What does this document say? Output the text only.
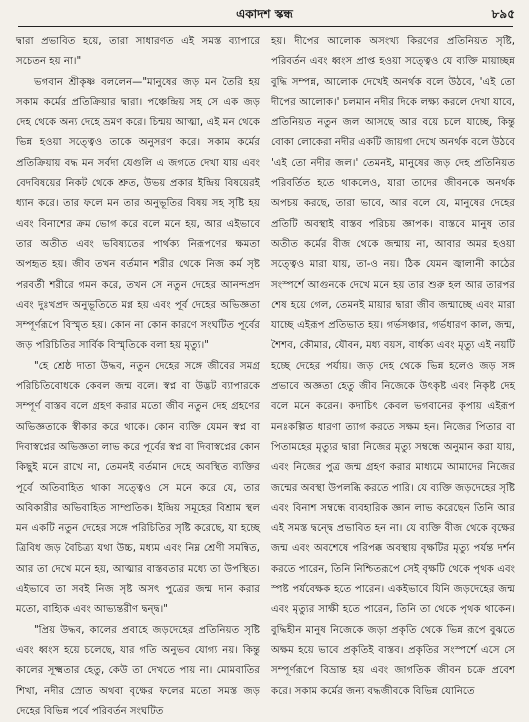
একাদশ স্কন্ধ	৮৯৫

দ্বারা প্রভাবিত হয়ে, তারা সাধারণত এই সমস্ত ব্যাপারে সচেতন হয় না।"

ভগবান শ্রীকৃষ্ণ বললেন—"মানুষের জড় মন তৈরি হয় সকাম কর্মের প্রতিক্রিয়ার দ্বারা। পঞ্চেন্দ্রিয় সহ সে এক জড় দেহ থেকে অন্য দেহে ভ্রমণ করে। চিন্ময় আত্মা, এই মন থেকে ভিন্ন হওয়া সত্ত্বেও তাকে অনুসরণ করে। সকাম কর্মের প্রতিক্রিয়ায় বদ্ধ মন সর্বদা যেগুলি এ জগতে দেখা যায় এবং বেদবিষয়ের নিকট থেকে শ্রুত, উভয় প্রকার ইন্দ্রিয় বিষয়েরই ধ্যান করে। তার ফলে মন তার অনুভূতির বিষয় সহ সৃষ্টি হয় এবং বিনাশের ক্রম ভোগ করে বলে মনে হয়, আর এইভাবে তার অতীত এবং ভবিষ্যতের পার্থক্য নিরূপণের ক্ষমতা অপহৃত হয়। জীব তখন বর্তমান শরীর থেকে নিজ কর্ম সৃষ্ট পরবর্তী শরীরে গমন করে, তখন সে নতুন দেহের আনন্দপ্রদ এবং দুঃখপ্রদ অনুভূতিতে মগ্ন হয় এবং পূর্ব দেহের অভিজ্ঞতা সম্পূর্ণরূপে বিস্মৃত হয়। কোন না কোন কারণে সংঘটিত পূর্বের জড় পরিচিতির সার্বিক বিস্মৃতিকে বলা হয় মৃত্যু।"

"হে শ্রেষ্ঠ দাতা উদ্ধব, নতুন দেহের সঙ্গে জীবের সমগ্র পরিচিতিবোধকে কেবল জন্ম বলে। স্বপ্ন বা উদ্ভট ব্যাপারকে সম্পূর্ণ বাস্তব বলে গ্রহণ করার মতো জীব নতুন দেহ গ্রহণের অভিজ্ঞতাকে স্বীকার করে থাকে। কোন ব্যক্তি যেমন স্বপ্ন বা দিবাস্বপ্নের অভিজ্ঞতা লাভ করে পূর্বের স্বপ্ন বা দিবাস্বপ্নের কোন কিছুই মনে রাখে না, তেমনই বর্তমান দেহে অবস্থিত ব্যক্তির পূর্বে অতিবাহিত থাকা সত্ত্বেও সে মনে করে যে, তার অবিকারীর অভিবাহিত সাম্প্রতিক। ইন্দ্রিয় সমূহের বিশ্রাম স্থল মন একটি নতুন দেহের সঙ্গে পরিচিতির সৃষ্টি করেছে, যা হচ্ছে ত্রিবিধ জড় বৈচিত্র্য যথা উচ্চ, মধ্যম এবং নিম্ন শ্রেণী সমন্বিত, আর তা দেখে মনে হয়, আত্মার বাস্তবতার মধ্যে তা উপস্থিত। এইভাবে তা সবই নিজ সৃষ্ট অসৎ পুত্রের জন্ম দান করার মতো, বাহ্যিক এবং আভ্যন্তরীণ দ্বন্দ্ব।"

"প্রিয় উদ্ধব, কালের প্রবাহে জড়দেহের প্রতিনিয়ত সৃষ্টি এবং ধ্বংস হয়ে চলেছে, যার গতি অনুভব যোগ্য নয়। কিন্তু কালের সূক্ষ্মতার হেতু, কেউ তা দেখতে পায় না। মোমবাতির শিখা, নদীর স্রোত অথবা বৃক্ষের ফলের মতো সমস্ত জড় দেহের বিভিন্ন পর্বে পরিবর্তন সংঘটিত

হয়। দীপের আলোক অসংখ্য কিরণের প্রতিনিয়ত সৃষ্টি, পরিবর্তন এবং ধ্বংস প্রাপ্ত হওয়া সত্ত্বেও যে ব্যক্তি মায়াচ্ছন্ন বুদ্ধি সম্পন্ন, আলোক দেখেই অনর্থক বলে উঠবে, 'এই তো দীপের আলোক।' চলমান নদীর দিকে লক্ষ্য করলে দেখা যাবে, প্রতিনিয়ত নতুন জল আসছে আর বয়ে চলে যাচ্ছে, কিন্তু বোকা লোকেরা নদীর একটি জায়গা দেখে অনর্থক বলে উঠবে 'এই তো নদীর জল।' তেমনই, মানুষের জড় দেহ প্রতিনিয়ত পরিবর্তিত হতে থাকলেও, যারা তাদের জীবনকে অনর্থক অপচয় করছে, তারা ভাবে, আর বলে যে, মানুষের দেহের প্রতিটি অবস্থাই বাস্তব পরিচয় জ্ঞাপক। বাস্তবে মানুষ তার অতীত কর্মের বীজ থেকে জন্মায় না, আবার অমর হওয়া সত্ত্বেও মারা যায়, তা-ও নয়। ঠিক যেমন জ্বালানী কাঠের সংস্পর্শে আগুনকে দেখে মনে হয় তার শুরু হল আর তারপর শেষ হয়ে গেল, তেমনই মায়ার দ্বারা জীব জন্মাচ্ছে এবং মারা যাচ্ছে এইরূপ প্রতিভাত হয়। গর্ভসঞ্চার, গর্ভধারণ কাল, জন্ম, শৈশব, কৌমার, যৌবন, মধ্য বয়স, বার্ধক্য এবং মৃত্যু এই নয়টি হচ্ছে দেহের পর্যায়। জড় দেহ থেকে ভিন্ন হলেও জড় সঙ্গ প্রভাবে অজ্ঞতা হেতু জীব নিজেকে উৎকৃষ্ট এবং নিকৃষ্ট দেহ বলে মনে করেন। কদাচিৎ কেবল ভগবানের কৃপায় এইরূপ মনঃকল্পিত ধারণা ত্যাগ করতে সক্ষম হন। নিজের পিতার বা পিতামহের মৃত্যুর দ্বারা নিজের মৃত্যু সম্বন্ধে অনুমান করা যায়, এবং নিজের পুত্র জন্ম গ্রহণ করার মাধ্যমে আমাদের নিজের জন্মের অবস্থা উপলব্ধি করতে পারি। যে ব্যক্তি জড়দেহের সৃষ্টি এবং বিনাশ সম্বন্ধে ব্যবহারিক জ্ঞান লাভ করেছেন তিনি আর এই সমস্ত দ্বন্দ্বে প্রভাবিত হন না। যে ব্যক্তি বীজ থেকে বৃক্ষের জন্ম এবং অবশেষে পরিপক্ক অবস্থায় বৃক্ষটির মৃত্যু পর্যন্ত দর্শন করতে পারেন, তিনি নিশ্চিতরূপে সেই বৃক্ষটি থেকে পৃথক এবং স্পষ্ট পর্যবেক্ষক হতে পারেন। একইভাবে যিনি জড়দেহের জন্ম এবং মৃত্যুর সাক্ষী হতে পারেন, তিনি তা থেকে পৃথক থাকেন। বুদ্ধিহীন মানুষ নিজেকে জড়া প্রকৃতি থেকে ভিন্ন রূপে বুঝতে অক্ষম হয়ে ভাবে প্রকৃতিই বাস্তব। প্রকৃতির সংস্পর্শে এসে সে সম্পূর্ণরূপে বিভ্রান্ত হয় এবং জাগতিক জীবন চক্রে প্রবেশ করে। সকাম কর্মের জন্য বদ্ধজীবকে বিভিন্ন যোনিতে
